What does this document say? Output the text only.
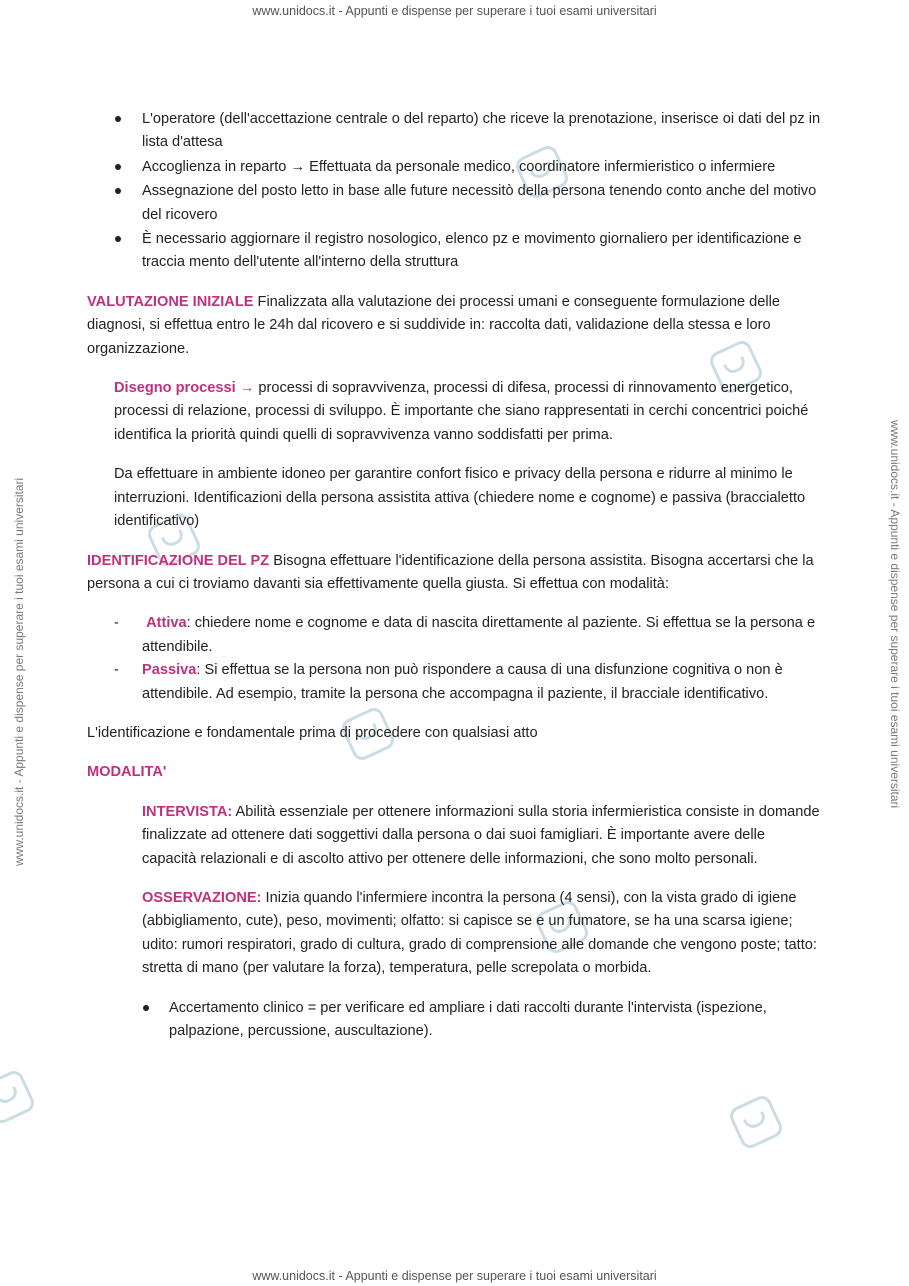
www.unidocs.it - Appunti e dispense per superare i tuoi esami universitari
www.unidocs.it - Appunti e dispense per superare i tuoi esami universitari
www.unidocs.it - Appunti e dispense per superare i tuoi esami universitari	www.unidocs.it - Appunti e dispense per superare i tuoi esami universitari
L'operatore (dell'accettazione centrale o del reparto) che riceve la prenotazione, inserisce oi dati del pz in lista d'attesa
Accoglienza in reparto → Effettuata da personale medico, coordinatore infermieristico o infermiere
Assegnazione del posto letto in base alle future necessitò della persona tenendo conto anche del motivo del ricovero
È necessario aggiornare il registro nosologico, elenco pz e movimento giornaliero per identificazione e traccia mento dell'utente all'interno della struttura

VALUTAZIONE INIZIALE Finalizzata alla valutazione dei processi umani e conseguente formulazione delle diagnosi, si effettua entro le 24h dal ricovero e si suddivide in: raccolta dati, validazione della stessa e loro organizzazione.

Disegno processi → processi di sopravvivenza, processi di difesa, processi di rinnovamento energetico, processi di relazione, processi di sviluppo. È importante che siano rappresentati in cerchi concentrici poiché identifica la priorità quindi quelli di sopravvivenza vanno soddisfatti per prima.

Da effettuare in ambiente idoneo per garantire confort fisico e privacy della persona e ridurre al minimo le interruzioni. Identificazioni della persona assistita attiva (chiedere nome e cognome) e passiva (braccialetto identificativo)

IDENTIFICAZIONE DEL PZ Bisogna effettuare l'identificazione della persona assistita. Bisogna accertarsi che la persona a cui ci troviamo davanti sia effettivamente quella giusta. Si effettua con modalità:

- Attiva: chiedere nome e cognome e data di nascita direttamente al paziente. Si effettua se la persona e attendibile.
- Passiva: Si effettua se la persona non può rispondere a causa di una disfunzione cognitiva o non è attendibile. Ad esempio, tramite la persona che accompagna il paziente, il bracciale identificativo.

L'identificazione e fondamentale prima di procedere con qualsiasi atto

MODALITA'

INTERVISTA: Abilità essenziale per ottenere informazioni sulla storia infermieristica consiste in domande finalizzate ad ottenere dati soggettivi dalla persona o dai suoi famigliari. È importante avere delle capacità relazionali e di ascolto attivo per ottenere delle informazioni, che sono molto personali.

OSSERVAZIONE: Inizia quando l'infermiere incontra la persona (4 sensi), con la vista grado di igiene (abbigliamento, cute), peso, movimenti; olfatto: si capisce se e un fumatore, se ha una scarsa igiene; udito: rumori respiratori, grado di cultura, grado di comprensione alle domande che vengono poste; tatto: stretta di mano (per valutare la forza), temperatura, pelle screpolata o morbida.

Accertamento clinico = per verificare ed ampliare i dati raccolti durante l'intervista (ispezione, palpazione, percussione, auscultazione).
